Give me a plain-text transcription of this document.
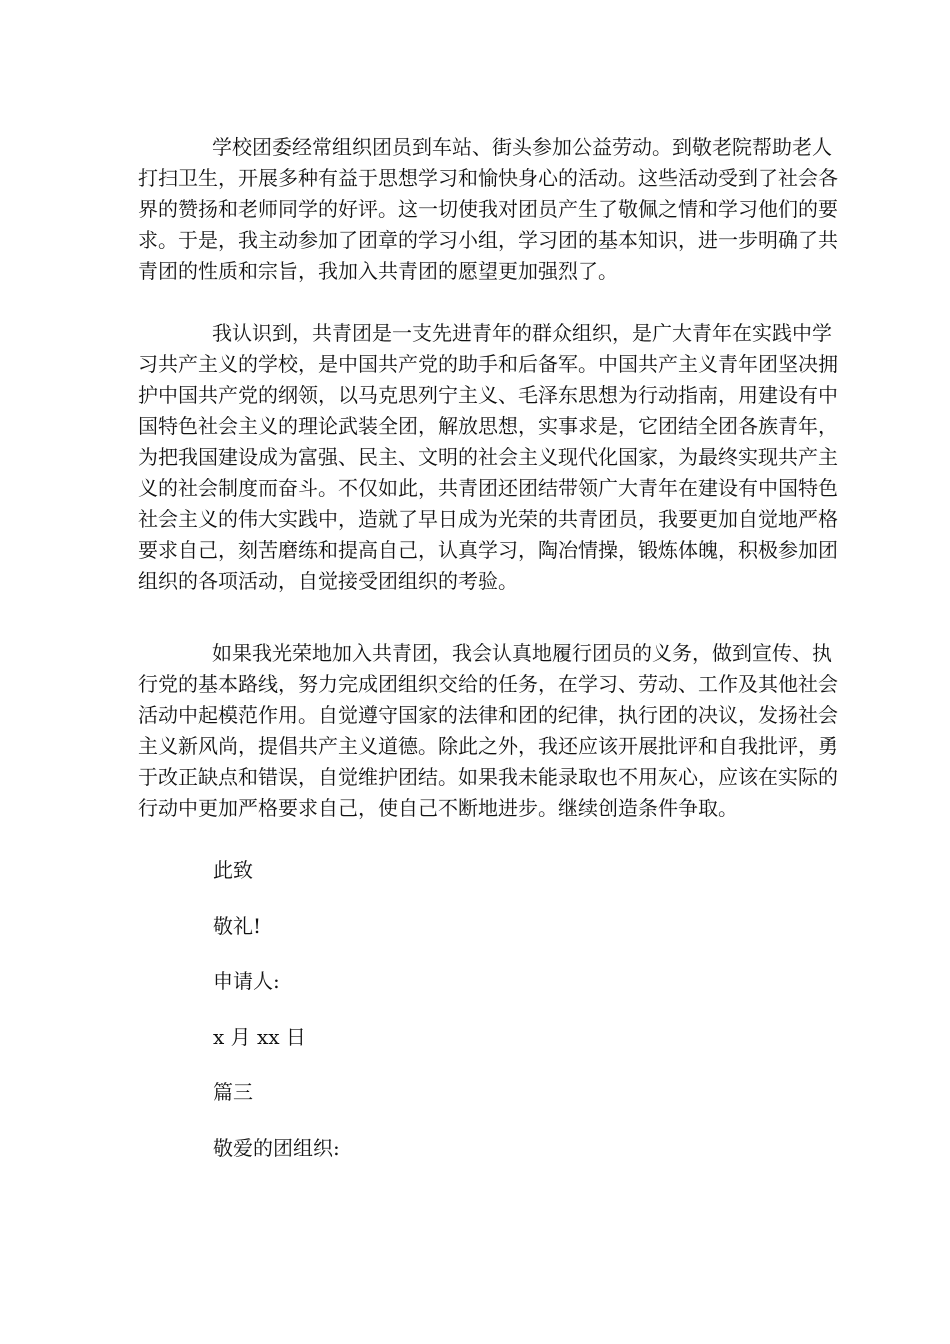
学校团委经常组织团员到车站、街头参加公益劳动。到敬老院帮助老人
打扫卫生，开展多种有益于思想学习和愉快身心的活动。这些活动受到了社会各
界的赞扬和老师同学的好评。这一切使我对团员产生了敬佩之情和学习他们的要
求。于是，我主动参加了团章的学习小组，学习团的基本知识，进一步明确了共
青团的性质和宗旨，我加入共青团的愿望更加强烈了。
我认识到，共青团是一支先进青年的群众组织，是广大青年在实践中学
习共产主义的学校，是中国共产党的助手和后备军。中国共产主义青年团坚决拥
护中国共产党的纲领，以马克思列宁主义、毛泽东思想为行动指南，用建设有中
国特色社会主义的理论武装全团，解放思想，实事求是，它团结全团各族青年，
为把我国建设成为富强、民主、文明的社会主义现代化国家，为最终实现共产主
义的社会制度而奋斗。不仅如此，共青团还团结带领广大青年在建设有中国特色
社会主义的伟大实践中，造就了早日成为光荣的共青团员，我要更加自觉地严格
要求自己，刻苦磨练和提高自己，认真学习，陶冶情操，锻炼体魄，积极参加团
组织的各项活动，自觉接受团组织的考验。
如果我光荣地加入共青团，我会认真地履行团员的义务，做到宣传、执
行党的基本路线，努力完成团组织交给的任务，在学习、劳动、工作及其他社会
活动中起模范作用。自觉遵守国家的法律和团的纪律，执行团的决议，发扬社会
主义新风尚，提倡共产主义道德。除此之外，我还应该开展批评和自我批评，勇
于改正缺点和错误，自觉维护团结。如果我未能录取也不用灰心，应该在实际的
行动中更加严格要求自己，使自己不断地进步。继续创造条件争取。
此致
敬礼!
申请人:
x 月 xx 日
篇三
敬爱的团组织:
